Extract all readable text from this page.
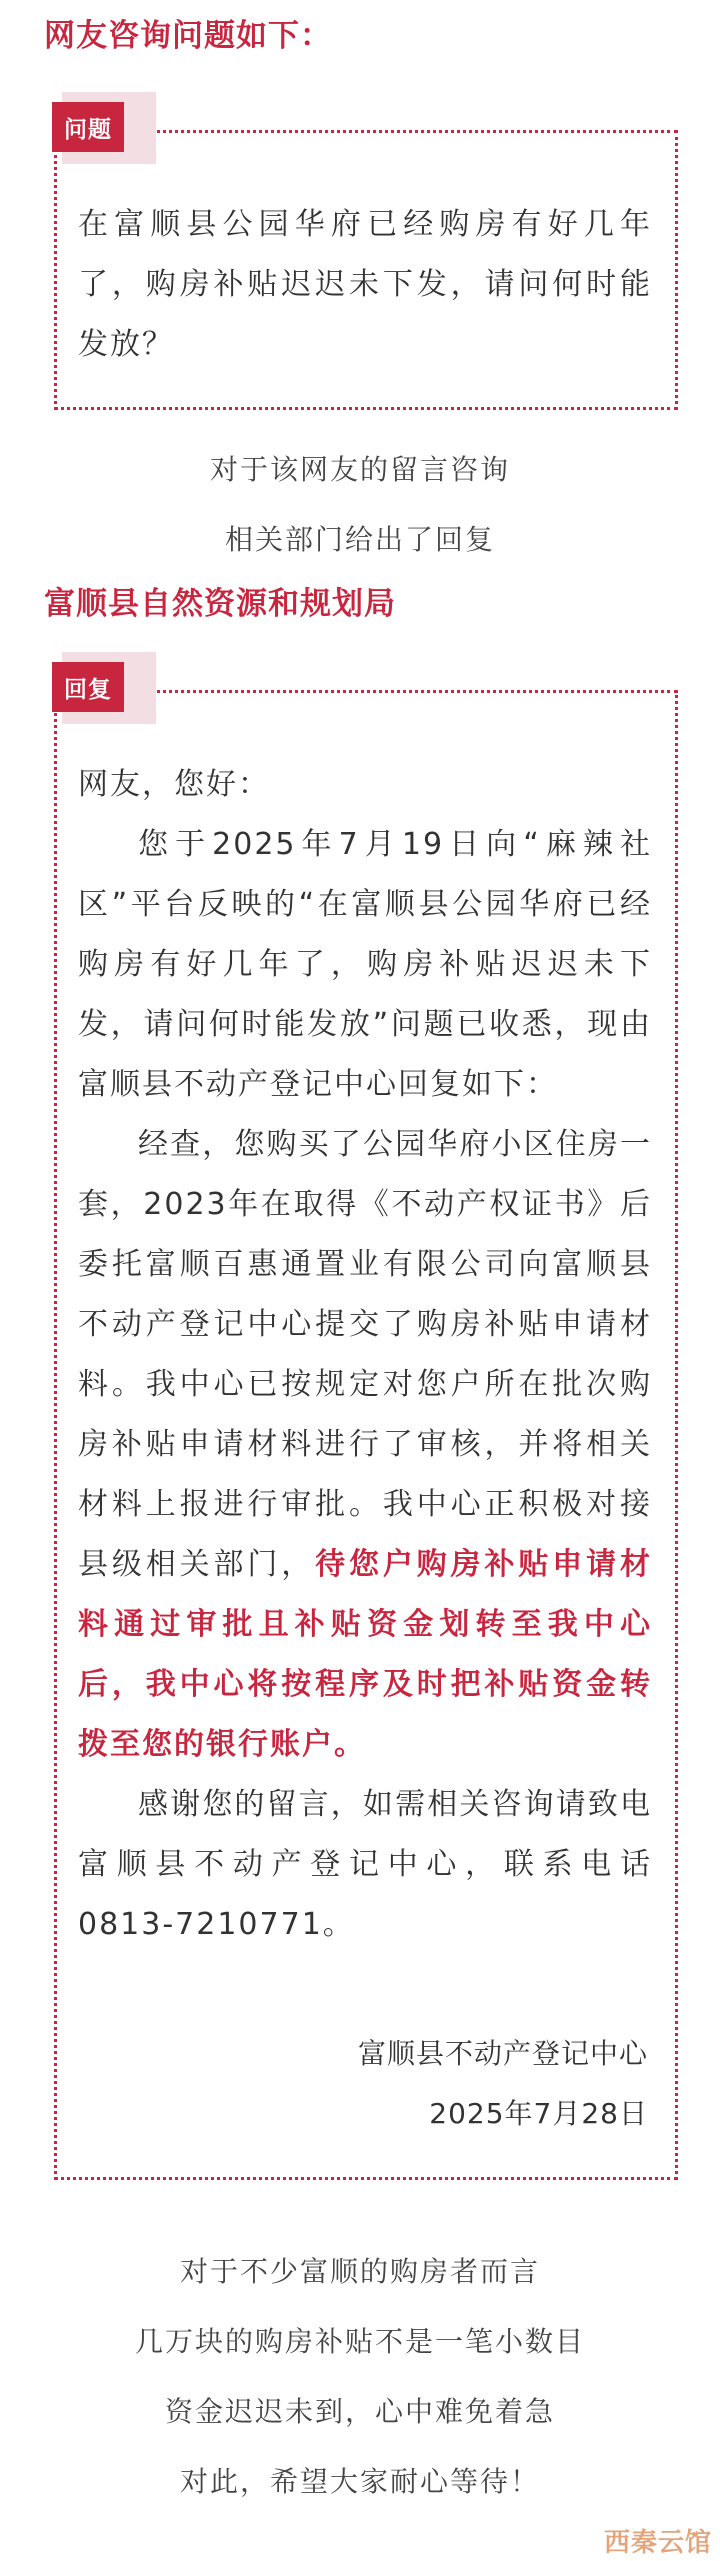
网友咨询问题如下：
问题

在富顺县公园华府已经购房有好几年了，购房补贴迟迟未下发，请问何时能发放？

对于该网友的留言咨询
相关部门给出了回复
富顺县自然资源和规划局
回复

网友，您好：

您于2025年7月19日向“麻辣社区”平台反映的“在富顺县公园华府已经购房有好几年了，购房补贴迟迟未下发，请问何时能发放”问题已收悉，现由富顺县不动产登记中心回复如下：

经查，您购买了公园华府小区住房一套，2023年在取得《不动产权证书》后委托富顺百惠通置业有限公司向富顺县不动产登记中心提交了购房补贴申请材料。我中心已按规定对您户所在批次购房补贴申请材料进行了审核，并将相关材料上报进行审批。我中心正积极对接县级相关部门，待您户购房补贴申请材料通过审批且补贴资金划转至我中心后，我中心将按程序及时把补贴资金转拨至您的银行账户。

感谢您的留言，如需相关咨询请致电富顺县不动产登记中心，联系电话0813-7210771。

富顺县不动产登记中心
2025年7月28日
对于不少富顺的购房者而言
几万块的购房补贴不是一笔小数目
资金迟迟未到，心中难免着急
对此，希望大家耐心等待！
西秦云馆
